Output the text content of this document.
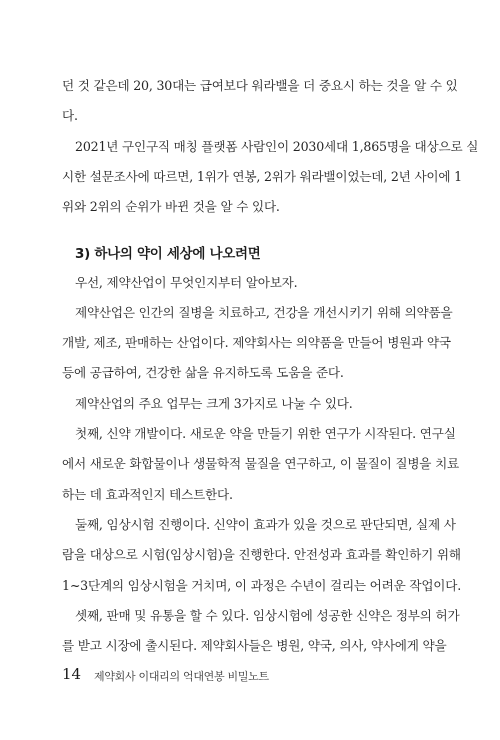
던 것 같은데 20, 30대는 급여보다 워라밸을 더 중요시 하는 것을 알 수 있
다.
2021년 구인구직 매칭 플랫폼 사람인이 2030세대 1,865명을 대상으로 실
시한 설문조사에 따르면, 1위가 연봉, 2위가 워라밸이었는데, 2년 사이에 1
위와 2위의 순위가 바뀐 것을 알 수 있다.
3) 하나의 약이 세상에 나오려면
우선, 제약산업이 무엇인지부터 알아보자.
제약산업은 인간의 질병을 치료하고, 건강을 개선시키기 위해 의약품을
개발, 제조, 판매하는 산업이다. 제약회사는 의약품을 만들어 병원과 약국
등에 공급하여, 건강한 삶을 유지하도록 도움을 준다.
제약산업의 주요 업무는 크게 3가지로 나눌 수 있다.
첫째, 신약 개발이다. 새로운 약을 만들기 위한 연구가 시작된다. 연구실
에서 새로운 화합물이나 생물학적 물질을 연구하고, 이 물질이 질병을 치료
하는 데 효과적인지 테스트한다.
둘째, 임상시험 진행이다. 신약이 효과가 있을 것으로 판단되면, 실제 사
람을 대상으로 시험(임상시험)을 진행한다. 안전성과 효과를 확인하기 위해
1~3단계의 임상시험을 거치며, 이 과정은 수년이 걸리는 어려운 작업이다.
셋째, 판매 및 유통을 할 수 있다. 임상시험에 성공한 신약은 정부의 허가
를 받고 시장에 출시된다. 제약회사들은 병원, 약국, 의사, 약사에게 약을
14 제약회사 이대리의 억대연봉 비밀노트
